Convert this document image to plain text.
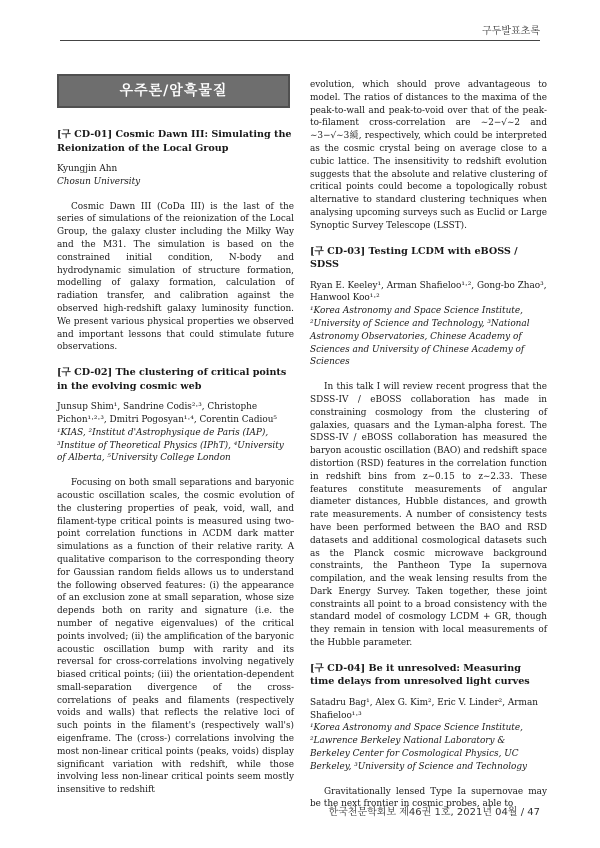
구두발표초록
우주론/암흑물질

[구 CD-01] Cosmic Dawn III: Simulating the Reionization of the Local Group

Kyungjin Ahn

Chosun University

Cosmic Dawn III (CoDa III) is the last of the series of simulations of the reionization of the Local Group, the galaxy cluster including the Milky Way and the M31. The simulation is based on the constrained initial condition, N-body and hydrodynamic simulation of structure formation, modelling of galaxy formation, calculation of radiation transfer, and calibration against the observed high-redshift galaxy luminosity function. We present various physical properties we observed and important lessons that could stimulate future observations.

[구 CD-02] The clustering of critical points in the evolving cosmic web

Junsup Shim¹, Sandrine Codis²·³, Christophe Pichon¹·²·³, Dmitri Pogosyan¹·⁴, Corentin Cadiou⁵

¹KIAS, ²Institut d'Astrophysique de Paris (IAP), ³Institue of Theoretical Physics (IPhT), ⁴University of Alberta, ⁵University College London

Focusing on both small separations and baryonic acoustic oscillation scales, the cosmic evolution of the clustering properties of peak, void, wall, and filament-type critical points is measured using two-point correlation functions in ΛCDM dark matter simulations as a function of their relative rarity. A qualitative comparison to the corresponding theory for Gaussian random fields allows us to understand the following observed features: (i) the appearance of an exclusion zone at small separation, whose size depends both on rarity and signature (i.e. the number of negative eigenvalues) of the critical points involved; (ii) the amplification of the baryonic acoustic oscillation bump with rarity and its reversal for cross-correlations involving negatively biased critical points; (iii) the orientation-dependent small-separation divergence of the cross-correlations of peaks and filaments (respectively voids and walls) that reflects the relative loci of such points in the filament's (respectively wall's) eigenframe. The (cross-) correlations involving the most non-linear critical points (peaks, voids) display significant variation with redshift, while those involving less non-linear critical points seem mostly insensitive to redshift

evolution, which should prove advantageous to model. The ratios of distances to the maxima of the peak-to-wall and peak-to-void over that of the peak-to-filament cross-correlation are ∼2−√∼2 and ∼3−√∼3䌐, respectively, which could be interpreted as the cosmic crystal being on average close to a cubic lattice. The insensitivity to redshift evolution suggests that the absolute and relative clustering of critical points could become a topologically robust alternative to standard clustering techniques when analysing upcoming surveys such as Euclid or Large Synoptic Survey Telescope (LSST).

[구 CD-03] Testing LCDM with eBOSS / SDSS

Ryan E. Keeley¹, Arman Shafieloo¹·², Gong-bo Zhao³, Hanwool Koo¹·²

¹Korea Astronomy and Space Science Institute, ²University of Science and Technology, ³National Astronomy Observatories, Chinese Academy of Sciences and University of Chinese Academy of Sciences

In this talk I will review recent progress that the SDSS-IV / eBOSS collaboration has made in constraining cosmology from the clustering of galaxies, quasars and the Lyman-alpha forest. The SDSS-IV / eBOSS collaboration has measured the baryon acoustic oscillation (BAO) and redshift space distortion (RSD) features in the correlation function in redshift bins from z∼0.15 to z∼2.33. These features constitute measurements of angular diameter distances, Hubble distances, and growth rate measurements. A number of consistency tests have been performed between the BAO and RSD datasets and additional cosmological datasets such as the Planck cosmic microwave background constraints, the Pantheon Type Ia supernova compilation, and the weak lensing results from the Dark Energy Survey. Taken together, these joint constraints all point to a broad consistency with the standard model of cosmology LCDM + GR, though they remain in tension with local measurements of the Hubble parameter.

[구 CD-04] Be it unresolved: Measuring time delays from unresolved light curves

Satadru Bag¹, Alex G. Kim², Eric V. Linder², Arman Shafieloo¹·³

¹Korea Astronomy and Space Science Institute, ²Lawrence Berkeley National Laboratory & Berkeley Center for Cosmological Physics, UC Berkeley, ³University of Science and Technology

Gravitationally lensed Type Ia supernovae may be the next frontier in cosmic probes, able to

한국천문학회보 제46권 1호, 2021년 04월 / 47
